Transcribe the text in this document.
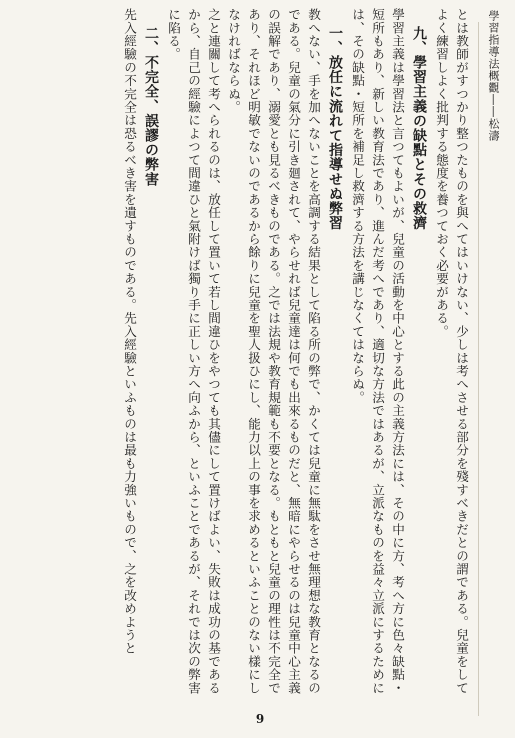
學習指導法概觀――松濤

とは教師がすつかり整つたものを與へてはいけない、少しは考へさせる部分を殘すべきだとの謂である。兒童をしてよく練習しよく批判する態度を養つておく必要がある。

九、學習主義の缺點とその救濟

學習主義は學習法と言つてもよいが、兒童の活動を中心とする此の主義方法には、その中に方、考へ方に色々缺點・短所もあり、新しい教育法であり、進んだ考へであり、適切な方法ではあるが、立派なものを益々立派にするためには、その缺點・短所を補足し救濟する方法を講じなくてはならぬ。

一、放任に流れて指導せぬ弊習

教へない、手を加へないことを高調する結果として陷る所の弊で、かくては兒童に無駄をさせ無理想な教育となるのである。兒童の氣分に引き廻されて、やらせれば兒童達は何でも出來るものだと、無暗にやらせるのは兒童中心主義の誤解であり、溺愛とも見るべきものである。之では法規や教育規範も不要となる。もともと兒童の理性は不完全であり、それほど明敏でないのであるから餘りに兒童を聖人扱ひにし、能力以上の事を求めるといふことのない樣にしなければならぬ。

之と連關して考へられるのは、放任して置いて若し間違ひをやつても其儘にして置けばよい、失敗は成功の基であるから、自己の經驗によつて間違ひと氣附けば獨り手に正しい方へ向ふから、といふことであるが、それでは次の弊害に陷る。

二、不完全、誤謬の弊害

先入經驗の不完全は恐るべき害を遺すものである。先入經驗といふものは最も力強いもので、之を改めようと

9
